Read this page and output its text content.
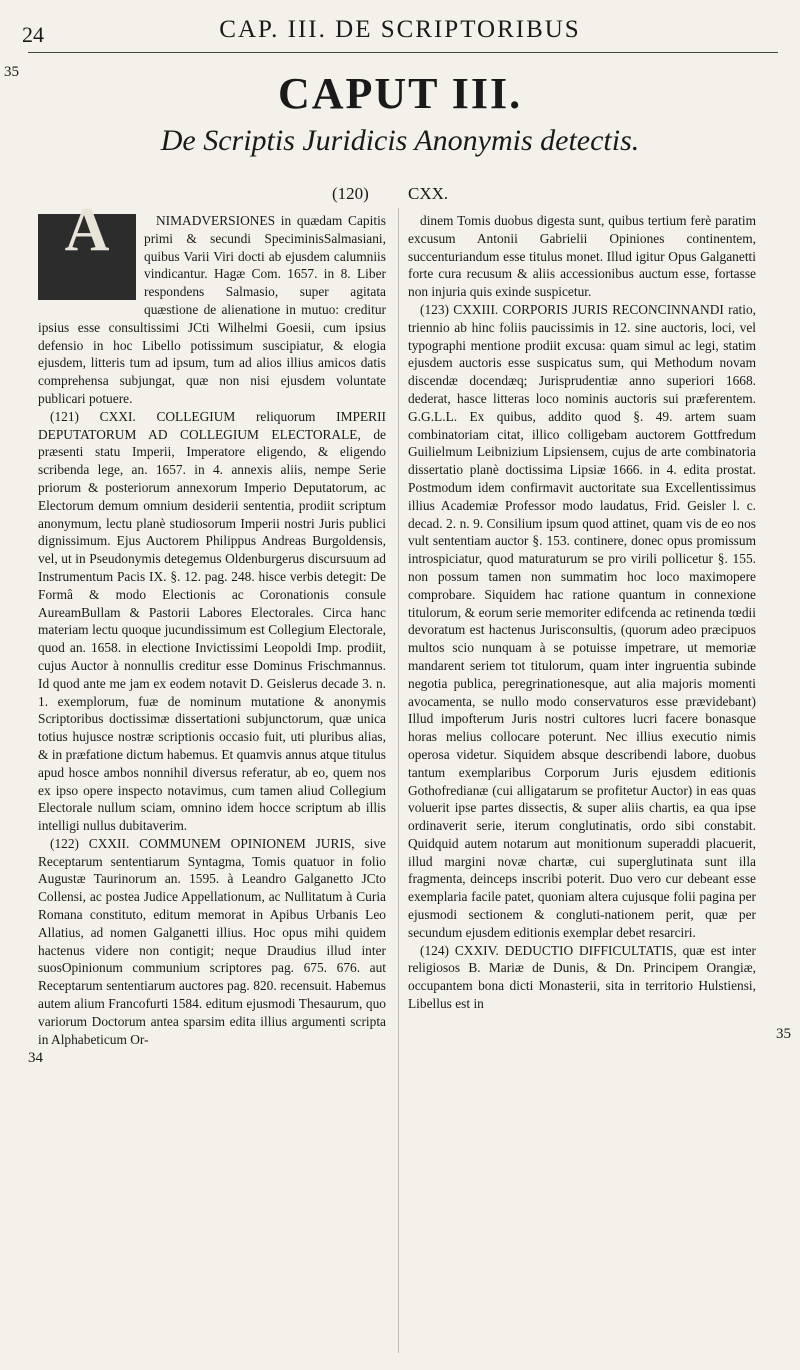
24	CAP. III. DE SCRIPTORIBUS
35	CAPUT III.
De Scriptis Juridicis Anonymis detectis.
(120) CXX.
A	NIMADVERSIONES in quædam Capitis primi & secundi SpeciminisSalmasiani, quibus Varii Viri docti ab ejusdem calumniis vindicantur. Hagæ Com. 1657. in 8. Liber respondens Salmasio, super agitata quæstione de alienatione in mutuo: creditur ipsius esse consultissimi JCti Wilhelmi Goesii, cum ipsius defensio in hoc Libello potissimum suscipiatur, & elogia ejusdem, litteris tum ad ipsum, tum ad alios illius amicos datis comprehensa subjungat, quæ non nisi ejusdem voluntate publicari potuere.

(121) CXXI. COLLEGIUM reliquorum IMPERII DEPUTATORUM AD COLLEGIUM ELECTORALE, de præsenti statu Imperii, Imperatore eligendo, & eligendo scribenda lege, an. 1657. in 4. annexis aliis, nempe Serie priorum & posteriorum annexorum Imperio Deputatorum, ac Electorum demum omnium desiderii sententia, prodiit scriptum anonymum, lectu planè studiosorum Imperii nostri Juris publici dignissimum. Ejus Auctorem Philippus Andreas Burgoldensis, vel, ut in Pseudonymis detegemus Oldenburgerus discursuum ad Instrumentum Pacis IX. §. 12. pag. 248. hisce verbis detegit: De Formâ & modo Electionis ac Coronationis consule AureamBullam & Pastorii Labores Electorales. Circa hanc materiam lectu quoque jucundissimum est Collegium Electorale, quod an. 1658. in electione Invictissimi Leopoldi Imp. prodiit, cujus Auctor à nonnullis creditur esse Dominus Frischmannus. Id quod ante me jam ex eodem notavit D. Geislerus decade 3. n. 1. exemplorum, fuæ de nominum mutatione & anonymis Scriptoribus doctissimæ dissertationi subjunctorum, quæ unica totius hujusce nostræ scriptionis occasio fuit, uti pluribus alias, & in præfatione dictum habemus. Et quamvis annus atque titulus apud hosce ambos nonnihil diversus referatur, ab eo, quem nos ex ipso opere inspecto notavimus, cum tamen aliud Collegium Electorale nullum sciam, omnino idem hocce scriptum ab illis intelligi nullus dubitaverim.

(122) CXXII. COMMUNEM OPINIONEM JURIS, sive Receptarum sententiarum Syntagma, Tomis quatuor in folio Augustæ Taurinorum an. 1595. à Leandro Galganetto JCto Collensi, ac postea Judice Appellationum, ac Nullitatum à Curia Romana constituto, editum memorat in Apibus Urbanis Leo Allatius, ad nomen Galganetti illius. Hoc opus mihi quidem hactenus videre non contigit; neque Draudius illud inter suosOpinionum communium scriptores pag. 675. 676. aut Receptarum sententiarum auctores pag. 820. recensuit. Habemus autem alium Francofurti 1584. editum ejusmodi Thesaurum, quo variorum Doctorum antea sparsim edita illius argumenti scripta in Alphabeticum Or-

dinem Tomis duobus digesta sunt, quibus tertium ferè paratim excusum Antonii Gabrielii Opiniones continentem, succenturiandum esse titulus monet. Illud igitur Opus Galganetti forte cura recusum & aliis accessionibus auctum esse, fortasse non injuria quis exinde suspicetur.

(123) CXXIII. CORPORIS JURIS RECONCINNANDI ratio, triennio ab hinc foliis paucissimis in 12. sine auctoris, loci, vel typographi mentione prodiit excusa: quam simul ac legi, statim ejusdem auctoris esse suspicatus sum, qui Methodum novam discendæ docendæq; Jurisprudentiæ anno superiori 1668. dederat, hasce litteras loco nominis auctoris sui præferentem. G.G.L.L. Ex quibus, addito quod §. 49. artem suam combinatoriam citat, illico colligebam auctorem Gottfredum Guilielmum Leibnizium Lipsiensem, cujus de arte combinatoria dissertatio planè doctissima Lipsiæ 1666. in 4. edita prostat. Postmodum idem confirmavit auctoritate sua Excellentissimus illius Academiæ Professor modo laudatus, Frid. Geisler l. c. decad. 2. n. 9. Consilium ipsum quod attinet, quam vis de eo nos vult sententiam auctor §. 153. continere, donec opus promissum introspiciatur, quod maturaturum se pro virili pollicetur §. 155. non possum tamen non summatim hoc loco maximopere comprobare. Siquidem hac ratione quantum in connexione titulorum, & eorum serie memoriter edifcenda ac retinenda tœdii devoratum est hactenus Jurisconsultis, (quorum adeo præcipuos multos scio nunquam à se potuisse impetrare, ut memoriæ mandarent seriem tot titulorum, quam inter ingruentia subinde negotia publica, peregrinationesque, aut alia majoris momenti avocamenta, se nullo modo conservaturos esse prævidebant) Illud impofterum Juris nostri cultores lucri facere bonasque horas melius collocare poterunt. Nec illius executio nimis operosa videtur. Siquidem absque describendi labore, duobus tantum exemplaribus Corporum Juris ejusdem editionis Gothofredianæ (cui alligatarum se profitetur Auctor) in eas quas voluerit ipse partes dissectis, & super aliis chartis, ea qua ipse ordinaverit serie, iterum conglutinatis, ordo sibi constabit. Quidquid autem notarum aut monitionum superaddi placuerit, illud margini novæ chartæ, cui superglutinata sunt illa fragmenta, deinceps inscribi poterit. Duo vero cur debeant esse exemplaria facile patet, quoniam altera cujusque folii pagina per ejusmodi sectionem & congluti-nationem perit, quæ per secundum ejusdem editionis exemplar debet resarciri.

(124) CXXIV. DEDUCTIO DIFFICULTATIS, quæ est inter religiosos B. Mariæ de Dunis, & Dn. Principem Orangiæ, occupantem bona dicti Monasterii, sita in territorio Hulstiensi, Libellus est in

35
34
